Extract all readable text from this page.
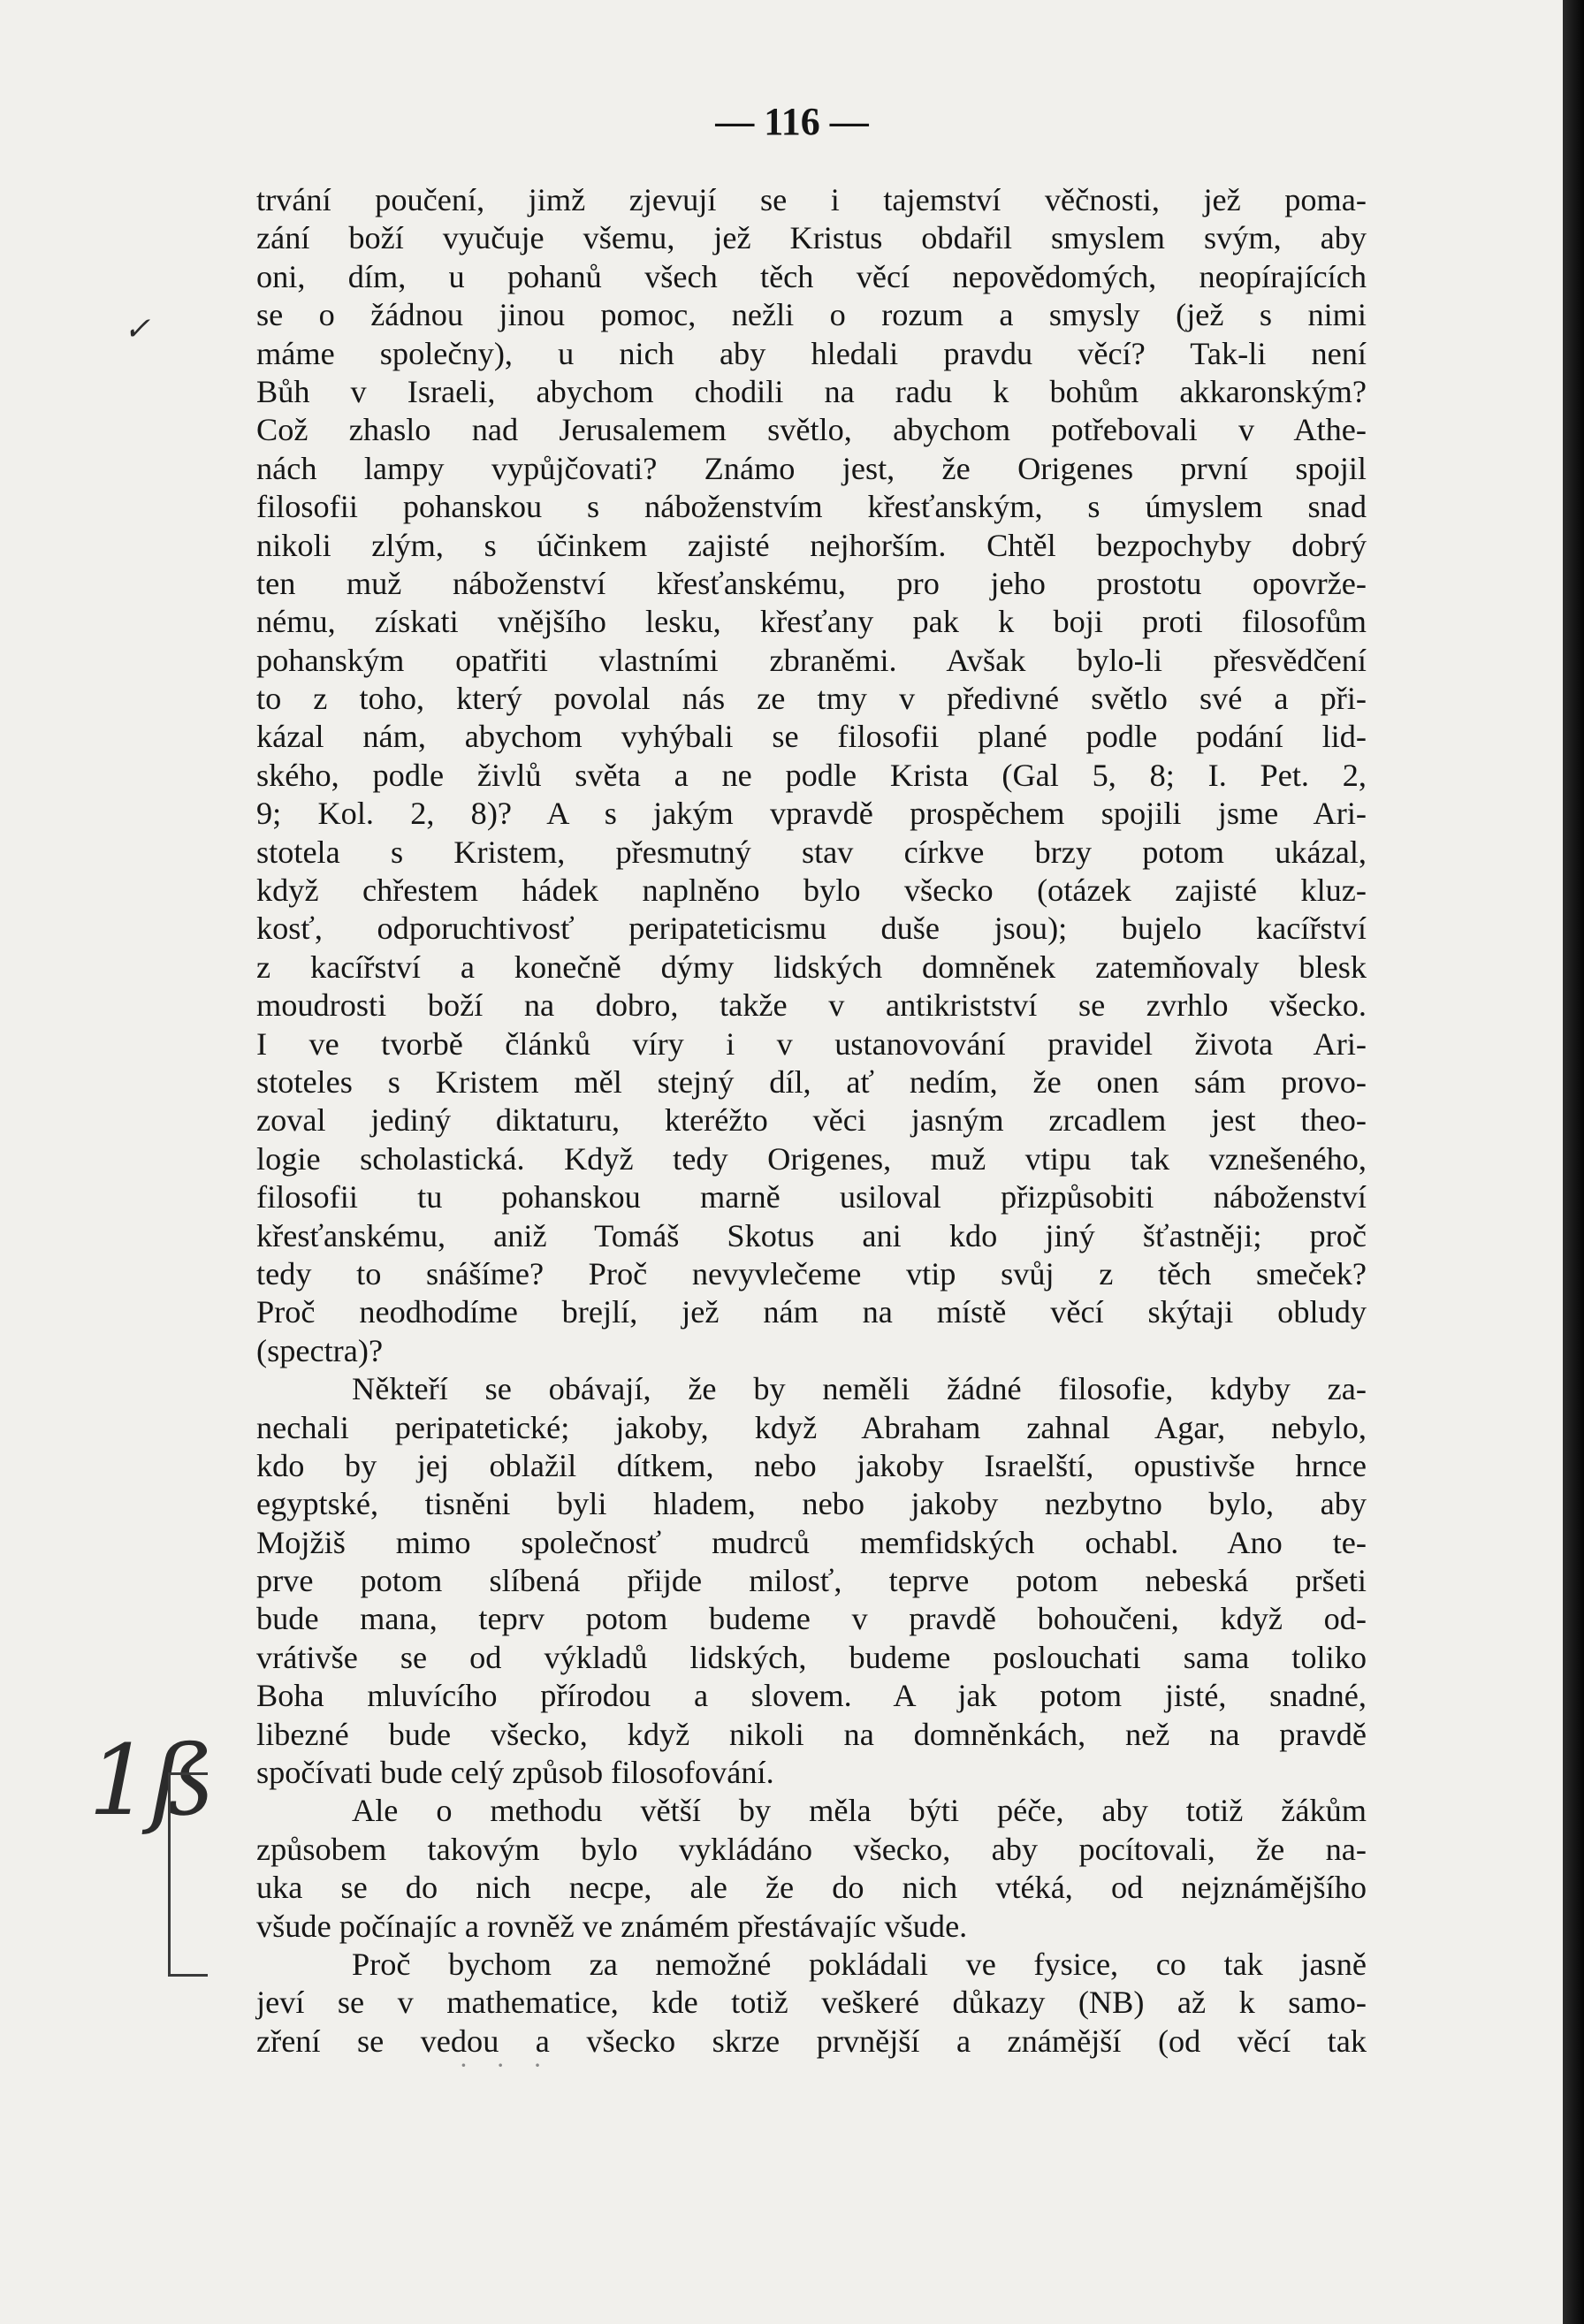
— 116 —
✓
1ß
· · ·
trvání poučení, jimž zjevují se i tajemství věčnosti, jež poma-
zání boží vyučuje všemu, jež Kristus obdařil smyslem svým, aby
oni, dím, u pohanů všech těch věcí nepovědomých, neopírajících
se o žádnou jinou pomoc, nežli o rozum a smysly (jež s nimi
máme společny), u nich aby hledali pravdu věcí? Tak-li není
Bůh v Israeli, abychom chodili na radu k bohům akkaronským?
Což zhaslo nad Jerusalemem světlo, abychom potřebovali v Athe-
nách lampy vypůjčovati? Známo jest, že Origenes první spojil
filosofii pohanskou s náboženstvím křesťanským, s úmyslem snad
nikoli zlým, s účinkem zajisté nejhorším. Chtěl bezpochyby dobrý
ten muž náboženství křesťanskému, pro jeho prostotu opovrže-
nému, získati vnějšího lesku, křesťany pak k boji proti filosofům
pohanským opatřiti vlastními zbraněmi. Avšak bylo-li přesvědčení
to z toho, který povolal nás ze tmy v předivné světlo své a při-
kázal nám, abychom vyhýbali se filosofii plané podle podání lid-
ského, podle živlů světa a ne podle Krista (Gal 5, 8; I. Pet. 2,
9; Kol. 2, 8)? A s jakým vpravdě prospěchem spojili jsme Ari-
stotela s Kristem, přesmutný stav církve brzy potom ukázal,
když chřestem hádek naplněno bylo všecko (otázek zajisté kluz-
kosť, odporuchtivosť peripateticismu duše jsou); bujelo kacířství
z kacířství a konečně dýmy lidských domněnek zatemňovaly blesk
moudrosti boží na dobro, takže v antikristství se zvrhlo všecko.
I ve tvorbě článků víry i v ustanovování pravidel života Ari-
stoteles s Kristem měl stejný díl, ať nedím, že onen sám provo-
zoval jediný diktaturu, kteréžto věci jasným zrcadlem jest theo-
logie scholastická. Když tedy Origenes, muž vtipu tak vznešeného,
filosofii tu pohanskou marně usiloval přizpůsobiti náboženství
křesťanskému, aniž Tomáš Skotus ani kdo jiný šťastněji; proč
tedy to snášíme? Proč nevyvlečeme vtip svůj z těch smeček?
Proč neodhodíme brejlí, jež nám na místě věcí skýtaji obludy
(spectra)?
Někteří se obávají, že by neměli žádné filosofie, kdyby za-
nechali peripatetické; jakoby, když Abraham zahnal Agar, nebylo,
kdo by jej oblažil dítkem, nebo jakoby Israelští, opustivše hrnce
egyptské, tisněni byli hladem, nebo jakoby nezbytno bylo, aby
Mojžiš mimo společnosť mudrců memfidských ochabl. Ano te-
prve potom slíbená přijde milosť, teprve potom nebeská pršeti
bude mana, teprv potom budeme v pravdě bohoučeni, když od-
vrátivše se od výkladů lidských, budeme poslouchati sama toliko
Boha mluvícího přírodou a slovem. A jak potom jisté, snadné,
libezné bude všecko, když nikoli na domněnkách, než na pravdě
spočívati bude celý způsob filosofování.
Ale o methodu větší by měla býti péče, aby totiž žákům
způsobem takovým bylo vykládáno všecko, aby pocítovali, že na-
uka se do nich necpe, ale že do nich vtéká, od nejznámějšího
všude počínajíc a rovněž ve známém přestávajíc všude.
Proč bychom za nemožné pokládali ve fysice, co tak jasně
jeví se v mathematice, kde totiž veškeré důkazy (NB) až k samo-
zření se vedou a všecko skrze prvnější a známější (od věcí tak
